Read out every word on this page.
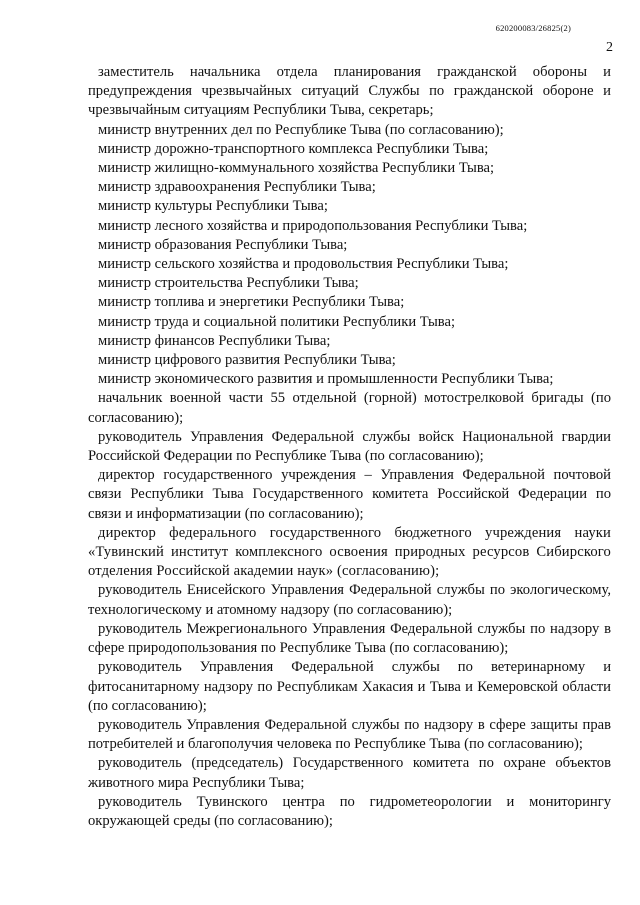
620200083/26825(2)
2

заместитель начальника отдела планирования гражданской обороны и предупреждения чрезвычайных ситуаций Службы по гражданской обороне и чрезвычайным ситуациям Республики Тыва, секретарь;

министр внутренних дел по Республике Тыва (по согласованию);

министр дорожно-транспортного комплекса Республики Тыва;

министр жилищно-коммунального хозяйства Республики Тыва;

министр здравоохранения Республики Тыва;

министр культуры Республики Тыва;

министр лесного хозяйства и природопользования Республики Тыва;

министр образования Республики Тыва;

министр сельского хозяйства и продовольствия Республики Тыва;

министр строительства Республики Тыва;

министр топлива и энергетики Республики Тыва;

министр труда и социальной политики Республики Тыва;

министр финансов Республики Тыва;

министр цифрового развития Республики Тыва;

министр экономического развития и промышленности Республики Тыва;

начальник военной части 55 отдельной (горной) мотострелковой бригады (по согласованию);

руководитель Управления Федеральной службы войск Национальной гвардии Российской Федерации по Республике Тыва (по согласованию);

директор государственного учреждения – Управления Федеральной почтовой связи Республики Тыва Государственного комитета Российской Федерации по связи и информатизации (по согласованию);

директор федерального государственного бюджетного учреждения науки «Тувинский институт комплексного освоения природных ресурсов Сибирского отделения Российской академии наук» (согласованию);

руководитель Енисейского Управления Федеральной службы по экологическому, технологическому и атомному надзору (по согласованию);

руководитель Межрегионального Управления Федеральной службы по надзору в сфере природопользования по Республике Тыва (по согласованию);

руководитель Управления Федеральной службы по ветеринарному и фитосанитарному надзору по Республикам Хакасия и Тыва и Кемеровской области (по согласованию);

руководитель Управления Федеральной службы по надзору в сфере защиты прав потребителей и благополучия человека по Республике Тыва (по согласованию);

руководитель (председатель) Государственного комитета по охране объектов животного мира Республики Тыва;

руководитель Тувинского центра по гидрометеорологии и мониторингу окружающей среды (по согласованию);
